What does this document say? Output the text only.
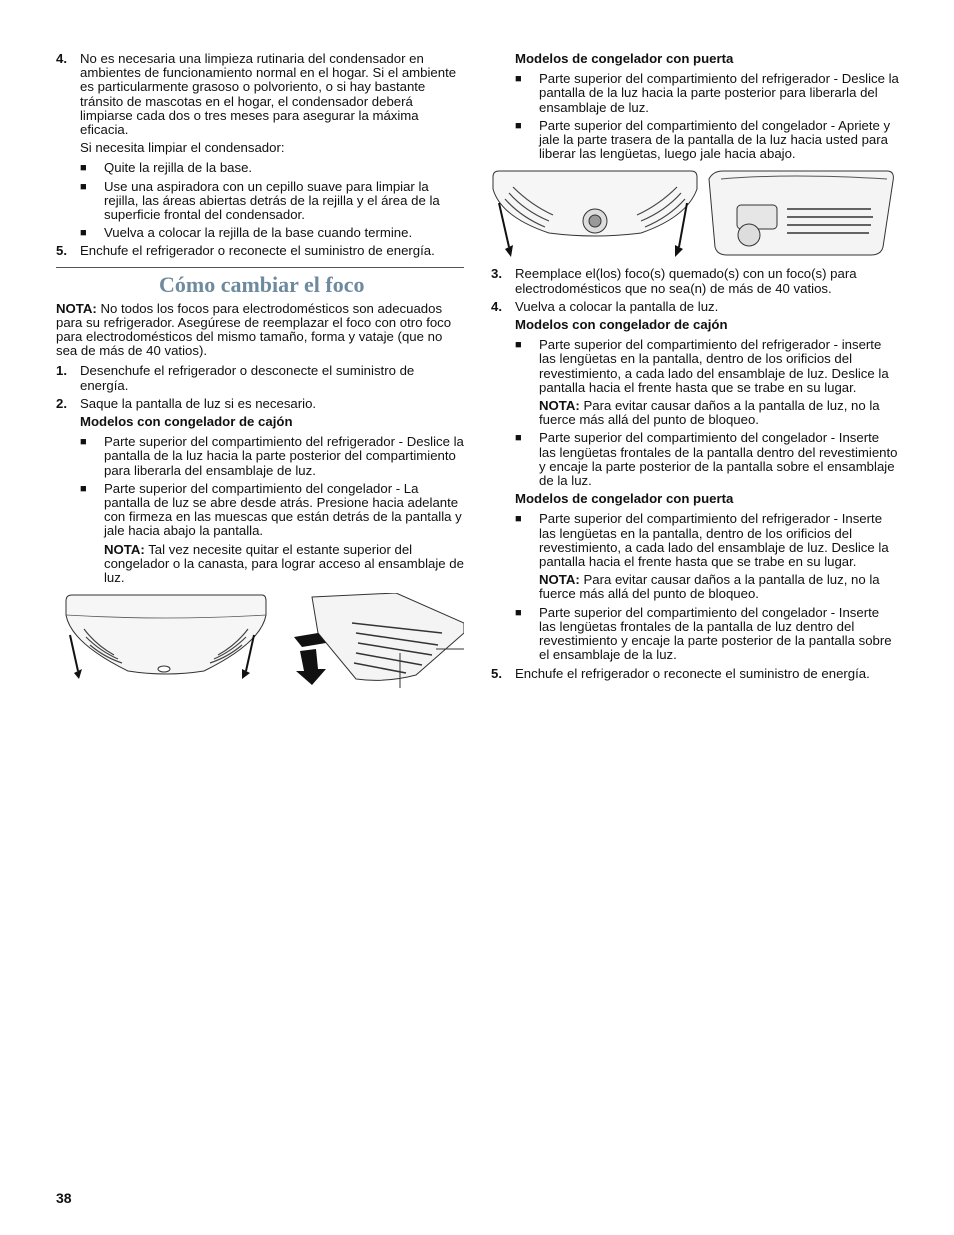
4. No es necesaria una limpieza rutinaria del condensador en ambientes de funcionamiento normal en el hogar. Si el ambiente es particularmente grasoso o polvoriento, o si hay bastante tránsito de mascotas en el hogar, el condensador deberá limpiarse cada dos o tres meses para asegurar la máxima eficacia.

Si necesita limpiar el condensador:

■	Quite la rejilla de la base.
■	Use una aspiradora con un cepillo suave para limpiar la rejilla, las áreas abiertas detrás de la rejilla y el área de la superficie frontal del condensador.
■	Vuelva a colocar la rejilla de la base cuando termine.
5. Enchufe el refrigerador o reconecte el suministro de energía.
Cómo cambiar el foco

NOTA: No todos los focos para electrodomésticos son adecuados para su refrigerador. Asegúrese de reemplazar el foco con otro foco para electrodomésticos del mismo tamaño, forma y vataje (que no sea de más de 40 vatios).

1. Desenchufe el refrigerador o desconecte el suministro de energía.
2. Saque la pantalla de luz si es necesario.

Modelos con congelador de cajón

■	Parte superior del compartimiento del refrigerador - Deslice la pantalla de la luz hacia la parte posterior del compartimiento para liberarla del ensamblaje de luz.
■	Parte superior del compartimiento del congelador - La pantalla de luz se abre desde atrás. Presione hacia adelante con firmeza en las muescas que están detrás de la pantalla y jale hacia abajo la pantalla.

NOTA: Tal vez necesite quitar el estante superior del congelador o la canasta, para lograr acceso al ensamblaje de luz.

Modelos de congelador con puerta

■	Parte superior del compartimiento del refrigerador - Deslice la pantalla de la luz hacia la parte posterior para liberarla del ensamblaje de luz.
■	Parte superior del compartimiento del congelador - Apriete y jale la parte trasera de la pantalla de la luz hacia usted para liberar las lengüetas, luego jale hacia abajo.
3. Reemplace el(los) foco(s) quemado(s) con un foco(s) para electrodomésticos que no sea(n) de más de 40 vatios.
4. Vuelva a colocar la pantalla de luz.

Modelos con congelador de cajón

■	Parte superior del compartimiento del refrigerador - inserte las lengüetas en la pantalla, dentro de los orificios del revestimiento, a cada lado del ensamblaje de luz. Deslice la pantalla hacia el frente hasta que se trabe en su lugar.

NOTA: Para evitar causar daños a la pantalla de luz, no la fuerce más allá del punto de bloqueo.

■	Parte superior del compartimiento del congelador - Inserte las lengüetas frontales de la pantalla dentro del revestimiento y encaje la parte posterior de la pantalla sobre el ensamblaje de la luz.

Modelos de congelador con puerta

■	Parte superior del compartimiento del refrigerador - Inserte las lengüetas en la pantalla, dentro de los orificios del revestimiento, a cada lado del ensamblaje de luz. Deslice la pantalla hacia el frente hasta que se trabe en su lugar.

NOTA: Para evitar causar daños a la pantalla de luz, no la fuerce más allá del punto de bloqueo.

■	Parte superior del compartimiento del congelador - Inserte las lengüetas frontales de la pantalla de luz dentro del revestimiento y encaje la parte posterior de la pantalla sobre el ensamblaje de la luz.
5. Enchufe el refrigerador o reconecte el suministro de energía.
38
